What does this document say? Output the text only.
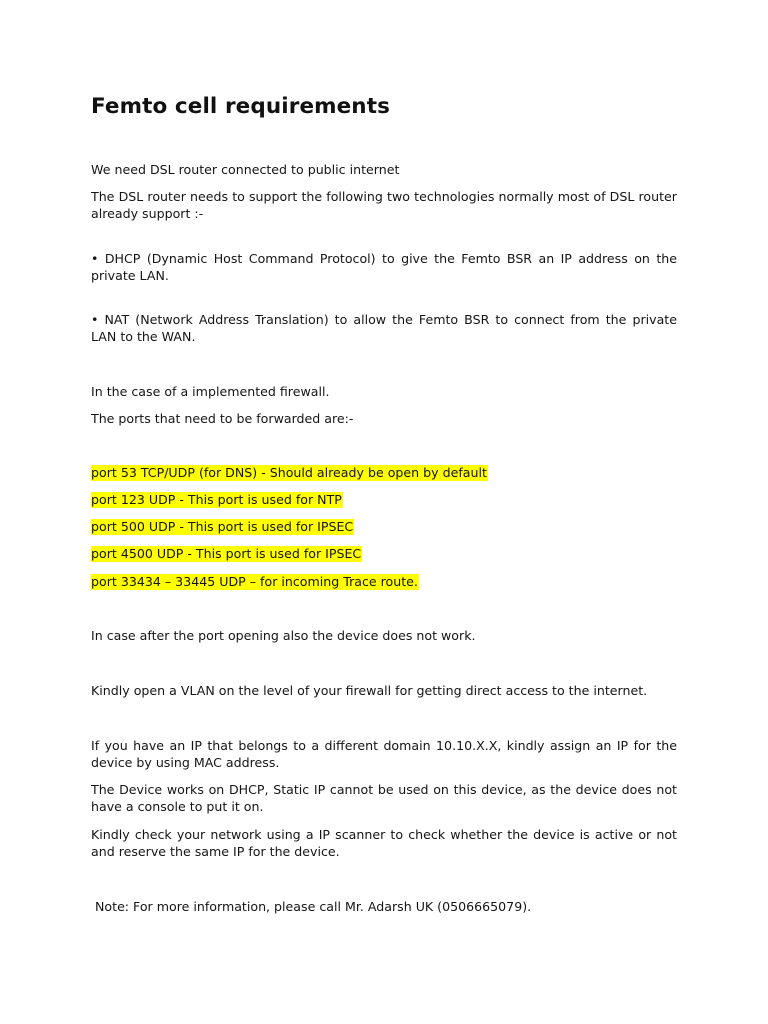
Femto cell requirements

We need DSL router connected to public internet

The DSL router needs to support the following two technologies normally most of DSL router already support :-

• DHCP (Dynamic Host Command Protocol) to give the Femto BSR an IP address on the private LAN.

• NAT (Network Address Translation) to allow the Femto BSR to connect from the private LAN to the WAN.

In the case of a implemented firewall.

The ports that need to be forwarded are:-

port 53 TCP/UDP (for DNS) - Should already be open by default

port 123 UDP - This port is used for NTP

port 500 UDP - This port is used for IPSEC

port 4500 UDP - This port is used for IPSEC

port 33434 – 33445 UDP – for incoming Trace route.

In case after the port opening also the device does not work.

Kindly open a VLAN on the level of your firewall for getting direct access to the internet.

If you have an IP that belongs to a different domain 10.10.X.X, kindly assign an IP for the device by using MAC address.

The Device works on DHCP, Static IP cannot be used on this device, as the device does not have a console to put it on.

Kindly check your network using a IP scanner to check whether the device is active or not and reserve the same IP for the device.

Note: For more information, please call Mr. Adarsh UK (0506665079).
